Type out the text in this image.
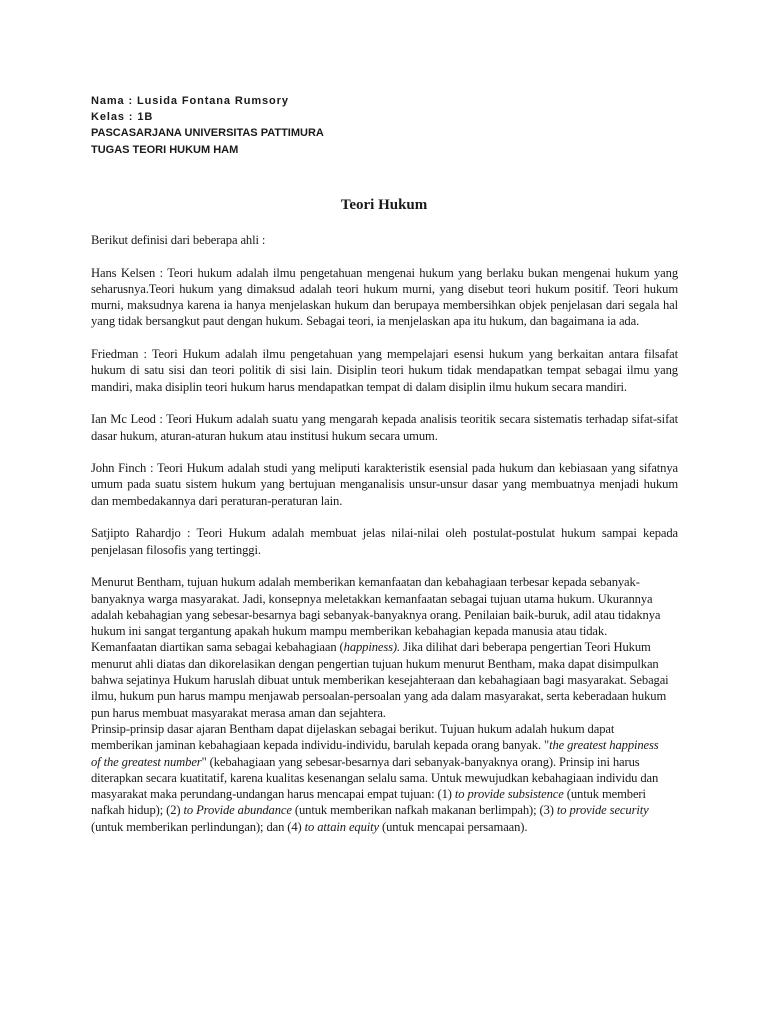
Nama : Lusida Fontana Rumsory
Kelas : 1B
PASCASARJANA UNIVERSITAS PATTIMURA
TUGAS TEORI HUKUM HAM
Teori Hukum

Berikut definisi dari beberapa ahli :

Hans Kelsen : Teori hukum adalah ilmu pengetahuan mengenai hukum yang berlaku bukan mengenai hukum yang seharusnya.Teori hukum yang dimaksud adalah teori hukum murni, yang disebut teori hukum positif. Teori hukum murni, maksudnya karena ia hanya menjelaskan hukum dan berupaya membersihkan objek penjelasan dari segala hal yang tidak bersangkut paut dengan hukum. Sebagai teori, ia menjelaskan apa itu hukum, dan bagaimana ia ada.

Friedman : Teori Hukum adalah ilmu pengetahuan yang mempelajari esensi hukum yang berkaitan antara filsafat hukum di satu sisi dan teori politik di sisi lain. Disiplin teori hukum tidak mendapatkan tempat sebagai ilmu yang mandiri, maka disiplin teori hukum harus mendapatkan tempat di dalam disiplin ilmu hukum secara mandiri.

Ian Mc Leod : Teori Hukum adalah suatu yang mengarah kepada analisis teoritik secara sistematis terhadap sifat-sifat dasar hukum, aturan-aturan hukum atau institusi hukum secara umum.

John Finch : Teori Hukum adalah studi yang meliputi karakteristik esensial pada hukum dan kebiasaan yang sifatnya umum pada suatu sistem hukum yang bertujuan menganalisis unsur-unsur dasar yang membuatnya menjadi hukum dan membedakannya dari peraturan-peraturan lain.

Satjipto Rahardjo : Teori Hukum adalah membuat jelas nilai-nilai oleh postulat-postulat hukum sampai kepada penjelasan filosofis yang tertinggi.

Menurut Bentham, tujuan hukum adalah memberikan kemanfaatan dan kebahagiaan terbesar kepada sebanyak-banyaknya warga masyarakat. Jadi, konsepnya meletakkan kemanfaatan sebagai tujuan utama hukum. Ukurannya adalah kebahagian yang sebesar-besarnya bagi sebanyak-banyaknya orang. Penilaian baik-buruk, adil atau tidaknya hukum ini sangat tergantung apakah hukum mampu memberikan kebahagian kepada manusia atau tidak. Kemanfaatan diartikan sama sebagai kebahagiaan (happiness). Jika dilihat dari beberapa pengertian Teori Hukum menurut ahli diatas dan dikorelasikan dengan pengertian tujuan hukum menurut Bentham, maka dapat disimpulkan bahwa sejatinya Hukum haruslah dibuat untuk memberikan kesejahteraan dan kebahagiaan bagi masyarakat. Sebagai ilmu, hukum pun harus mampu menjawab persoalan-persoalan yang ada dalam masyarakat, serta keberadaan hukum pun harus membuat masyarakat merasa aman dan sejahtera.

Prinsip-prinsip dasar ajaran Bentham dapat dijelaskan sebagai berikut. Tujuan hukum adalah hukum dapat memberikan jaminan kebahagiaan kepada individu-individu, barulah kepada orang banyak. "the greatest happiness of the greatest number" (kebahagiaan yang sebesar-besarnya dari sebanyak-banyaknya orang). Prinsip ini harus diterapkan secara kuatitatif, karena kualitas kesenangan selalu sama. Untuk mewujudkan kebahagiaan individu dan masyarakat maka perundang-undangan harus mencapai empat tujuan: (1) to provide subsistence (untuk memberi nafkah hidup); (2) to Provide abundance (untuk memberikan nafkah makanan berlimpah); (3) to provide security (untuk memberikan perlindungan); dan (4) to attain equity (untuk mencapai persamaan).
